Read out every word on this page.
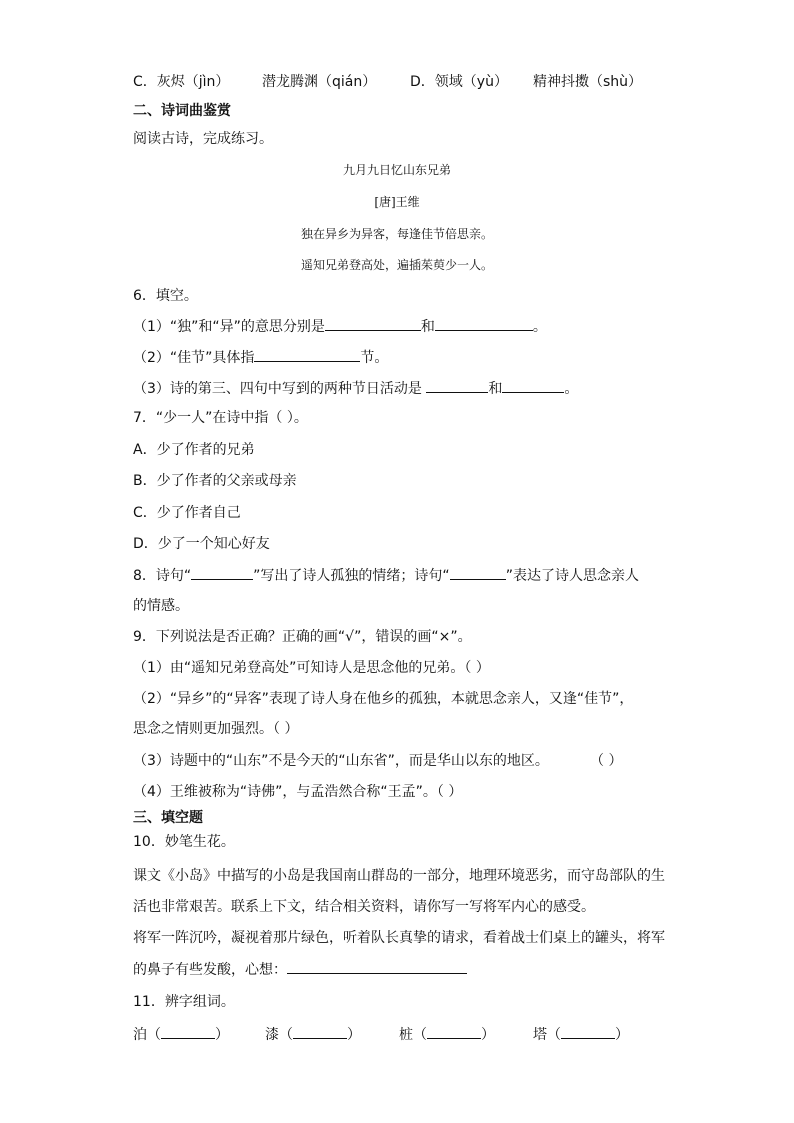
C．灰烬（jìn） 潜龙腾渊（qián） D．领域（yù） 精神抖擞（shù）
二、诗词曲鉴赏
阅读古诗，完成练习。
九月九日忆山东兄弟
[唐]王维
独在异乡为异客，每逢佳节倍思亲。
遥知兄弟登高处，遍插茱萸少一人。
6．填空。
（1）“独”和“异”的意思分别是	和	。
（2）“佳节”具体指	节。
（3）诗的第三、四句中写到的两种节日活动是	和	。
7．“少一人”在诗中指（ ）。
A．少了作者的兄弟
B．少了作者的父亲或母亲
C．少了作者自己
D．少了一个知心好友
8．诗句“	”写出了诗人孤独的情绪；诗句“	”表达了诗人思念亲人
的情感。
9．下列说法是否正确？正确的画“√”，错误的画“×”。
（1）由“遥知兄弟登高处”可知诗人是思念他的兄弟。（ ）
（2）“异乡”的“异客”表现了诗人身在他乡的孤独，本就思念亲人，又逢“佳节”，
思念之情则更加强烈。（ ）
（3）诗题中的“山东”不是今天的“山东省”，而是华山以东的地区。	（ ）
（4）王维被称为“诗佛”，与孟浩然合称“王孟”。（ ）
三、填空题
10．妙笔生花。
课文《小岛》中描写的小岛是我国南山群岛的一部分，地理环境恶劣，而守岛部队的生
活也非常艰苦。联系上下文，结合相关资料，请你写一写将军内心的感受。
将军一阵沉吟，凝视着那片绿色，听着队长真挚的请求，看着战士们桌上的罐头，将军
的鼻子有些发酸，心想：
11．辨字组词。
泊（	）	漆（	）	桩（	）	塔（	）
